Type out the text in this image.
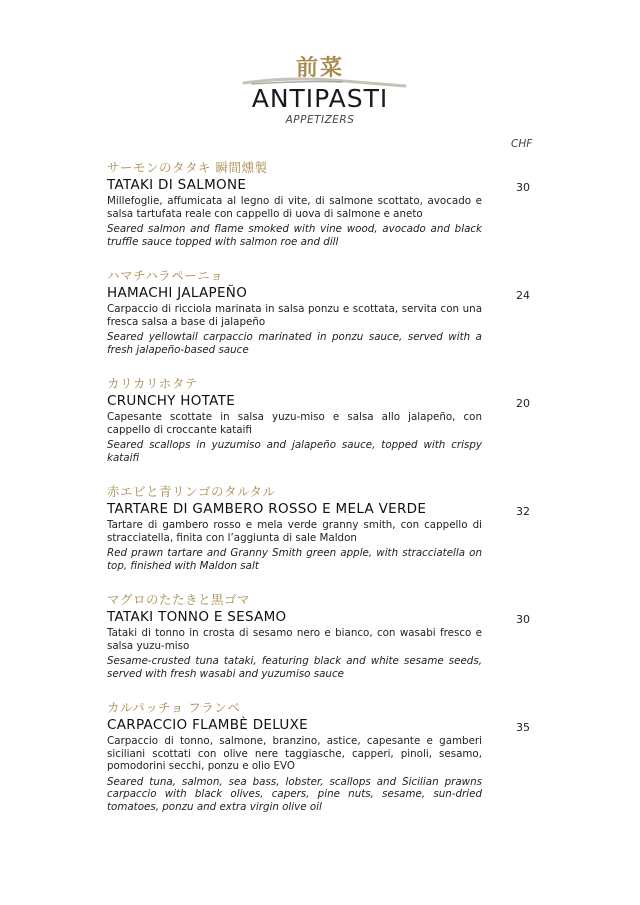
前菜
ANTIPASTI
APPETIZERS
CHF
サーモンのタタキ 瞬間燻製
TATAKI DI SALMONE	30
Millefoglie, affumicata al legno di vite, di salmone scottato, avocado e salsa tartufata reale con cappello di uova di salmone e aneto
Seared salmon and flame smoked with vine wood, avocado and black truffle sauce topped with salmon roe and dill
ハマチハラペーニョ
HAMACHI JALAPEÑO	24
Carpaccio di ricciola marinata in salsa ponzu e scottata, servita con una fresca salsa a base di jalapeño
Seared yellowtail carpaccio marinated in ponzu sauce, served with a fresh jalapeño-based sauce
カリカリホタテ
CRUNCHY HOTATE	20
Capesante scottate in salsa yuzu-miso e salsa allo jalapeño, con cappello di croccante kataifi
Seared scallops in yuzumiso and jalapeño sauce, topped with crispy kataifi
赤エビと青リンゴのタルタル
TARTARE DI GAMBERO ROSSO E MELA VERDE	32
Tartare di gambero rosso e mela verde granny smith, con cappello di stracciatella, finita con l’aggiunta di sale Maldon
Red prawn tartare and Granny Smith green apple, with stracciatella on top, finished with Maldon salt
マグロのたたきと黒ゴマ
TATAKI TONNO E SESAMO	30
Tataki di tonno in crosta di sesamo nero e bianco, con wasabi fresco e salsa yuzu-miso
Sesame-crusted tuna tataki, featuring black and white sesame seeds, served with fresh wasabi and yuzumiso sauce
カルパッチョ フランベ
CARPACCIO FLAMBÈ DELUXE	35
Carpaccio di tonno, salmone, branzino, astice, capesante e gamberi siciliani scottati con olive nere taggiasche, capperi, pinoli, sesamo, pomodorini secchi, ponzu e olio EVO
Seared tuna, salmon, sea bass, lobster, scallops and Sicilian prawns carpaccio with black olives, capers, pine nuts, sesame, sun-dried tomatoes, ponzu and extra virgin olive oil
